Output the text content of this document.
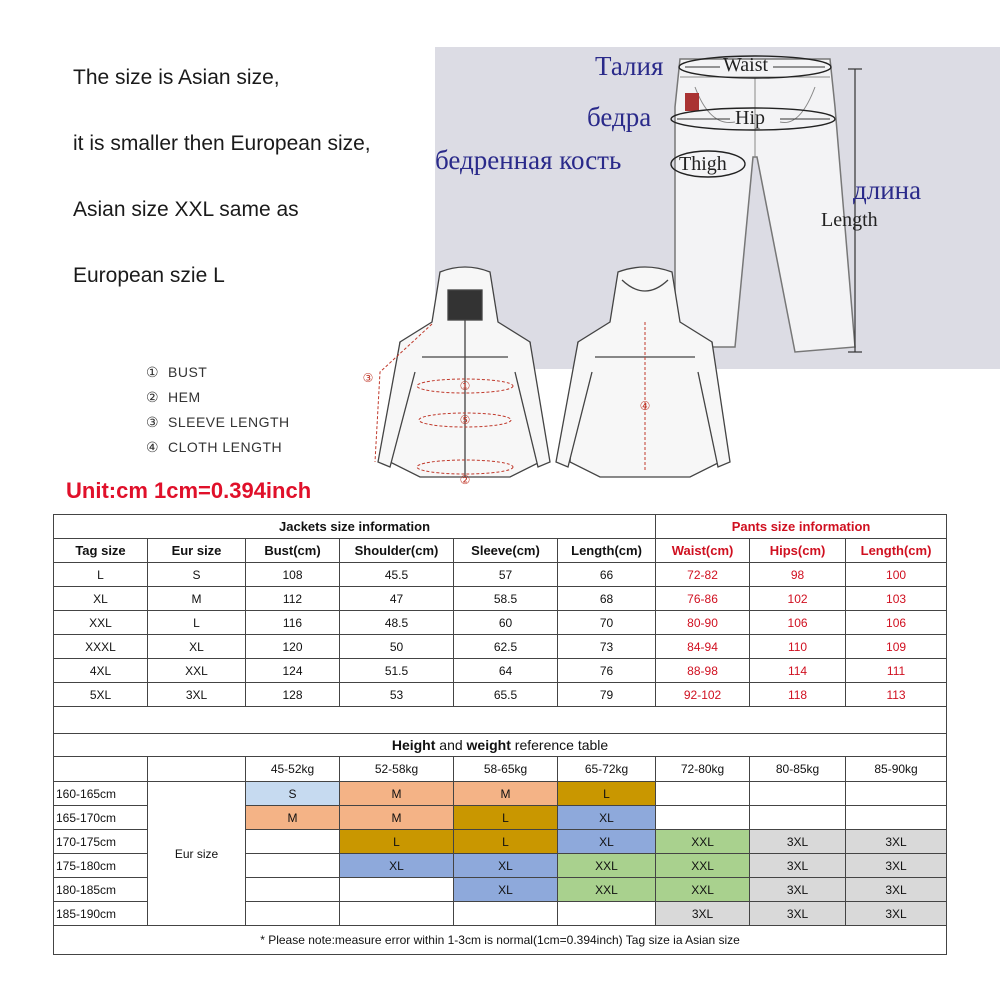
The size is Asian size,

it is smaller then European size,

Asian size XXL same as

European szie L

Талия	Waist
бедра	Hip
бедренная кость	Thigh
длина
Length
① BUST
② HEM
③ SLEEVE LENGTH
④ CLOTH LENGTH
①
②
③
④
⑤
Unit:cm 1cm=0.394inch
Jackets size information						Pants size information		
Tag size	Eur size	Bust(cm)	Shoulder(cm)	Sleeve(cm)	Length(cm)	Waist(cm)	Hips(cm)	Length(cm)
L	S	108	45.5	57	66	72-82	98	100
XL	M	112	47	58.5	68	76-86	102	103
XXL	L	116	48.5	60	70	80-90	106	106
XXXL	XL	120	50	62.5	73	84-94	110	109
4XL	XXL	124	51.5	64	76	88-98	114	111
5XL	3XL	128	53	65.5	79	92-102	118	113

Height and weight reference table								
		45-52kg	52-58kg	58-65kg	65-72kg	72-80kg	80-85kg	85-90kg
160-165cm	Eur size	S	M	M	L			
165-170cm		M	M	L	XL			
170-175cm			L	L	XL	XXL	3XL	3XL
175-180cm			XL	XL	XXL	XXL	3XL	3XL
180-185cm				XL	XXL	XXL	3XL	3XL
185-190cm						3XL	3XL	3XL
* Please note:measure error within 1-3cm is normal(1cm=0.394inch) Tag size ia Asian size								
